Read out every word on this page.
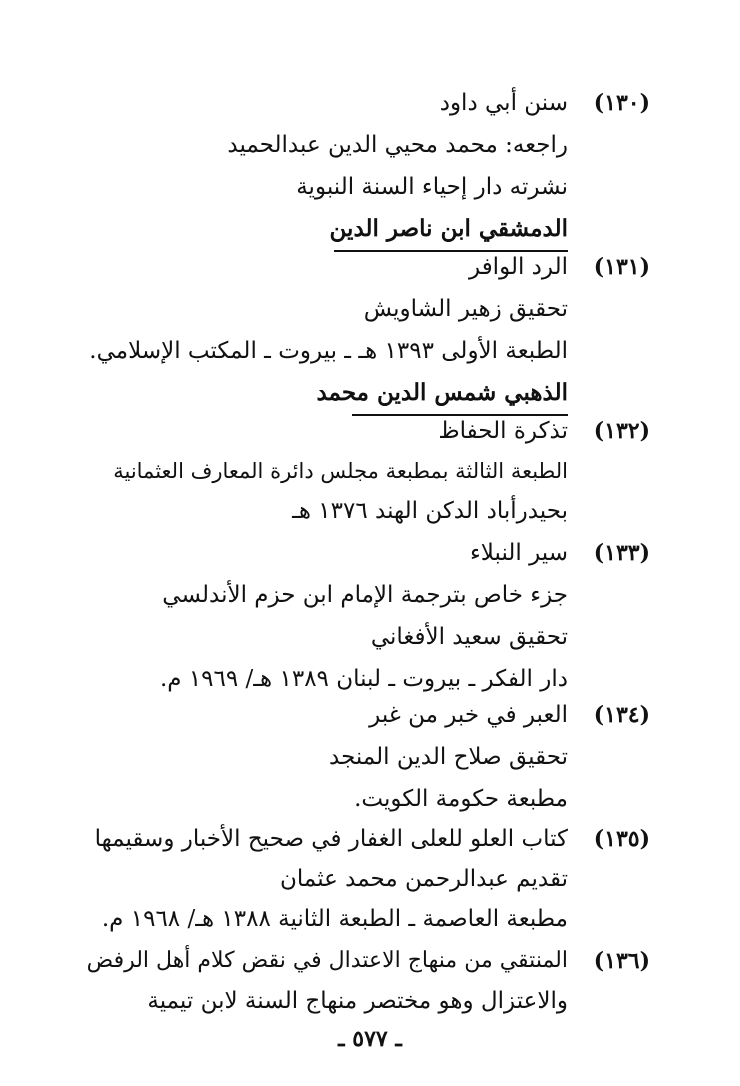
(١٣٠)
سنن أبي داود
راجعه: محمد محيي الدين عبدالحميد
نشرته دار إحياء السنة النبوية
الدمشقي ابن ناصر الدين
(١٣١)
الرد الوافر
تحقيق زهير الشاويش
الطبعة الأولى ١٣٩٣ هـ ـ بيروت ـ المكتب الإسلامي.
الذهبي شمس الدين محمد
(١٣٢)
تذكرة الحفاظ
الطبعة الثالثة بمطبعة مجلس دائرة المعارف العثمانية
بحيدرأباد الدكن الهند ١٣٧٦ هـ
(١٣٣)
سير النبلاء
جزء خاص بترجمة الإمام ابن حزم الأندلسي
تحقيق سعيد الأفغاني
دار الفكر ـ بيروت ـ لبنان ١٣٨٩ هـ/ ١٩٦٩ م.
(١٣٤)
العبر في خبر من غبر
تحقيق صلاح الدين المنجد
مطبعة حكومة الكويت.
(١٣٥)
كتاب العلو للعلى الغفار في صحيح الأخبار وسقيمها
تقديم عبدالرحمن محمد عثمان
مطبعة العاصمة ـ الطبعة الثانية ١٣٨٨ هـ/ ١٩٦٨ م.
(١٣٦)
المنتقي من منهاج الاعتدال في نقض كلام أهل الرفض
والاعتزال وهو مختصر منهاج السنة لابن تيمية
ـ ٥٧٧ ـ
